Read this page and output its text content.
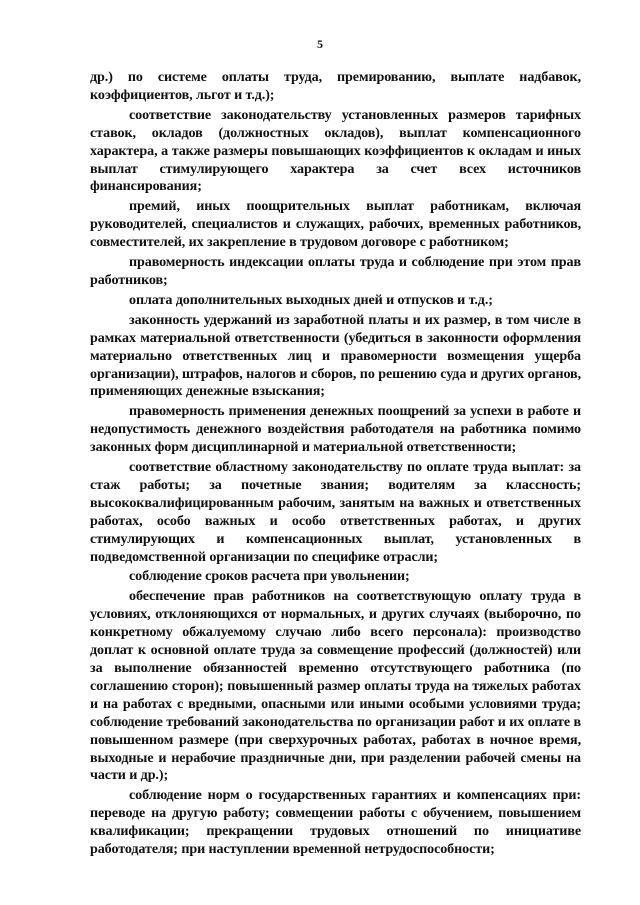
5

др.) по системе оплаты труда, премированию, выплате надбавок, коэффициентов, льгот и т.д.);

соответствие законодательству установленных размеров тарифных ставок, окладов (должностных окладов), выплат компенсационного характера, а также размеры повышающих коэффициентов к окладам и иных выплат стимулирующего характера за счет всех источников финансирования;

премий, иных поощрительных выплат работникам, включая руководителей, специалистов и служащих, рабочих, временных работников, совместителей, их закрепление в трудовом договоре с работником;

правомерность индексации оплаты труда и соблюдение при этом прав работников;

оплата дополнительных выходных дней и отпусков и т.д.;

законность удержаний из заработной платы и их размер, в том числе в рамках материальной ответственности (убедиться в законности оформления материально ответственных лиц и правомерности возмещения ущерба организации), штрафов, налогов и сборов, по решению суда и других органов, применяющих денежные взыскания;

правомерность применения денежных поощрений за успехи в работе и недопустимость денежного воздействия работодателя на работника помимо законных форм дисциплинарной и материальной ответственности;

соответствие областному законодательству по оплате труда выплат: за стаж работы; за почетные звания; водителям за классность; высококвалифицированным рабочим, занятым на важных и ответственных работах, особо важных и особо ответственных работах, и других стимулирующих и компенсационных выплат, установленных в подведомственной организации по специфике отрасли;

соблюдение сроков расчета при увольнении;

обеспечение прав работников на соответствующую оплату труда в условиях, отклоняющихся от нормальных, и других случаях (выборочно, по конкретному обжалуемому случаю либо всего персонала): производство доплат к основной оплате труда за совмещение профессий (должностей) или за выполнение обязанностей временно отсутствующего работника (по соглашению сторон); повышенный размер оплаты труда на тяжелых работах и на работах с вредными, опасными или иными особыми условиями труда; соблюдение требований законодательства по организации работ и их оплате в повышенном размере (при сверхурочных работах, работах в ночное время, выходные и нерабочие праздничные дни, при разделении рабочей смены на части и др.);

соблюдение норм о государственных гарантиях и компенсациях при: переводе на другую работу; совмещении работы с обучением, повышением квалификации; прекращении трудовых отношений по инициативе работодателя; при наступлении временной нетрудоспособности;
